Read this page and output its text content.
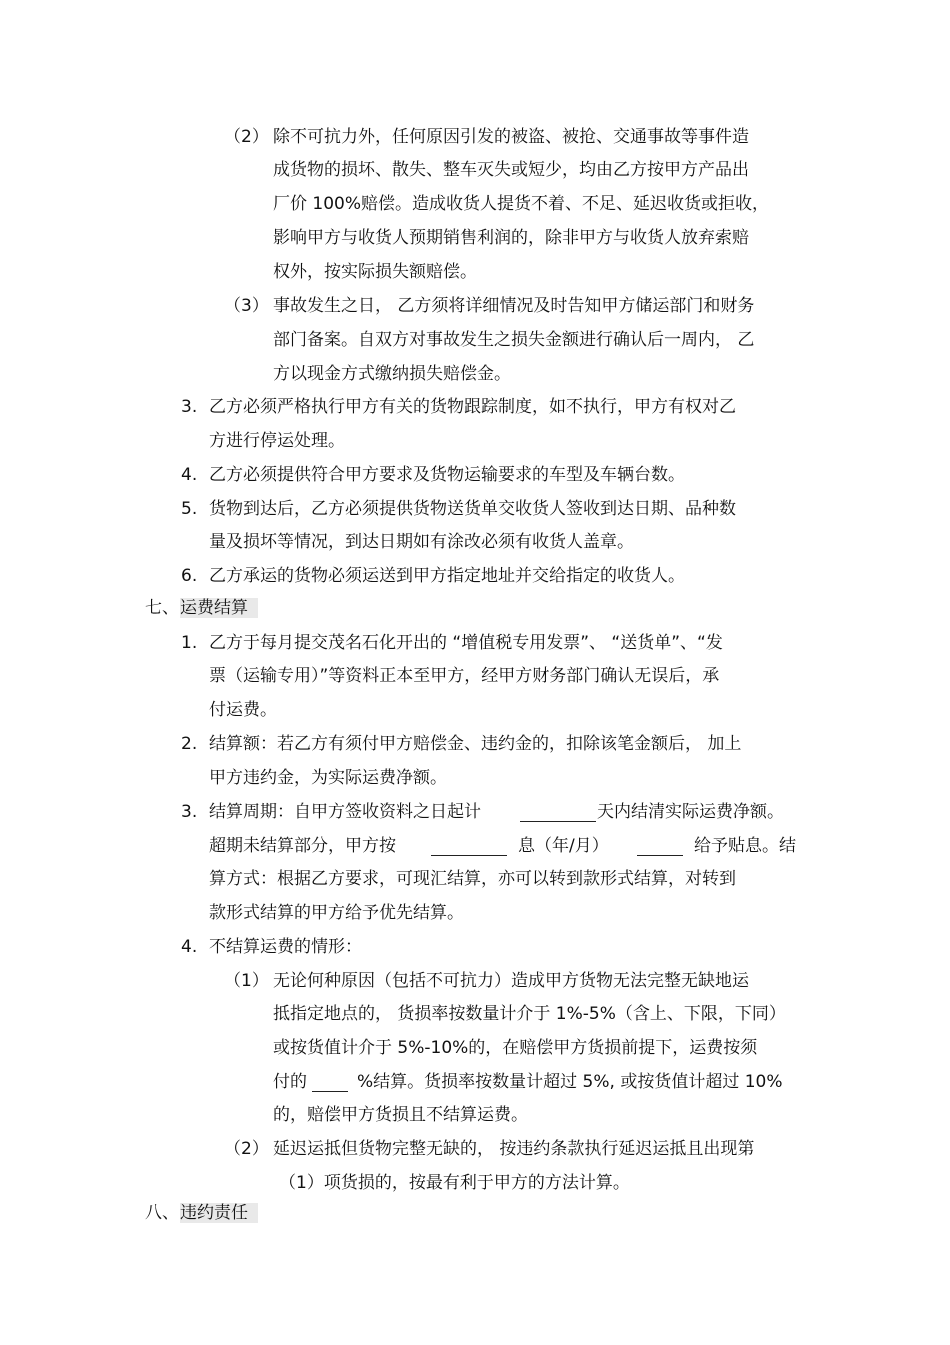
（2） 除不可抗力外，任何原因引发的被盗、被抢、交通事故等事件造
成货物的损坏、散失、整车灭失或短少，均由乙方按甲方产品出
厂价 100%赔偿。造成收货人提货不着、不足、延迟收货或拒收，
影响甲方与收货人预期销售利润的，除非甲方与收货人放弃索赔
权外，按实际损失额赔偿。
（3） 事故发生之日， 乙方须将详细情况及时告知甲方储运部门和财务
部门备案。自双方对事故发生之损失金额进行确认后一周内， 乙
方以现金方式缴纳损失赔偿金。
3. 乙方必须严格执行甲方有关的货物跟踪制度，如不执行，甲方有权对乙
方进行停运处理。
4. 乙方必须提供符合甲方要求及货物运输要求的车型及车辆台数。
5. 货物到达后，乙方必须提供货物送货单交收货人签收到达日期、品种数
量及损坏等情况，到达日期如有涂改必须有收货人盖章。
6. 乙方承运的货物必须运送到甲方指定地址并交给指定的收货人。
七、 运费结算
1. 乙方于每月提交茂名石化开出的 “增值税专用发票”、 “送货单”、“发
票（运输专用）”等资料正本至甲方，经甲方财务部门确认无误后，承
付运费。
2. 结算额：若乙方有须付甲方赔偿金、违约金的，扣除该笔金额后， 加上
甲方违约金，为实际运费净额。
3. 结算周期：自甲方签收资料之日起计	天内结清实际运费净额。
超期未结算部分，甲方按	息（年/月）	给予贴息。结
算方式：根据乙方要求，可现汇结算，亦可以转到款形式结算，对转到
款形式结算的甲方给予优先结算。
4. 不结算运费的情形：
（1） 无论何种原因（包括不可抗力）造成甲方货物无法完整无缺地运
抵指定地点的， 货损率按数量计介于 1%-5%（含上、下限，下同）
或按货值计介于 5%-10%的，在赔偿甲方货损前提下，运费按须
付的	%结算。货损率按数量计超过 5%, 或按货值计超过 10%
的，赔偿甲方货损且不结算运费。
（2） 延迟运抵但货物完整无缺的， 按违约条款执行延迟运抵且出现第
（1）项货损的，按最有利于甲方的方法计算。
八、 违约责任
